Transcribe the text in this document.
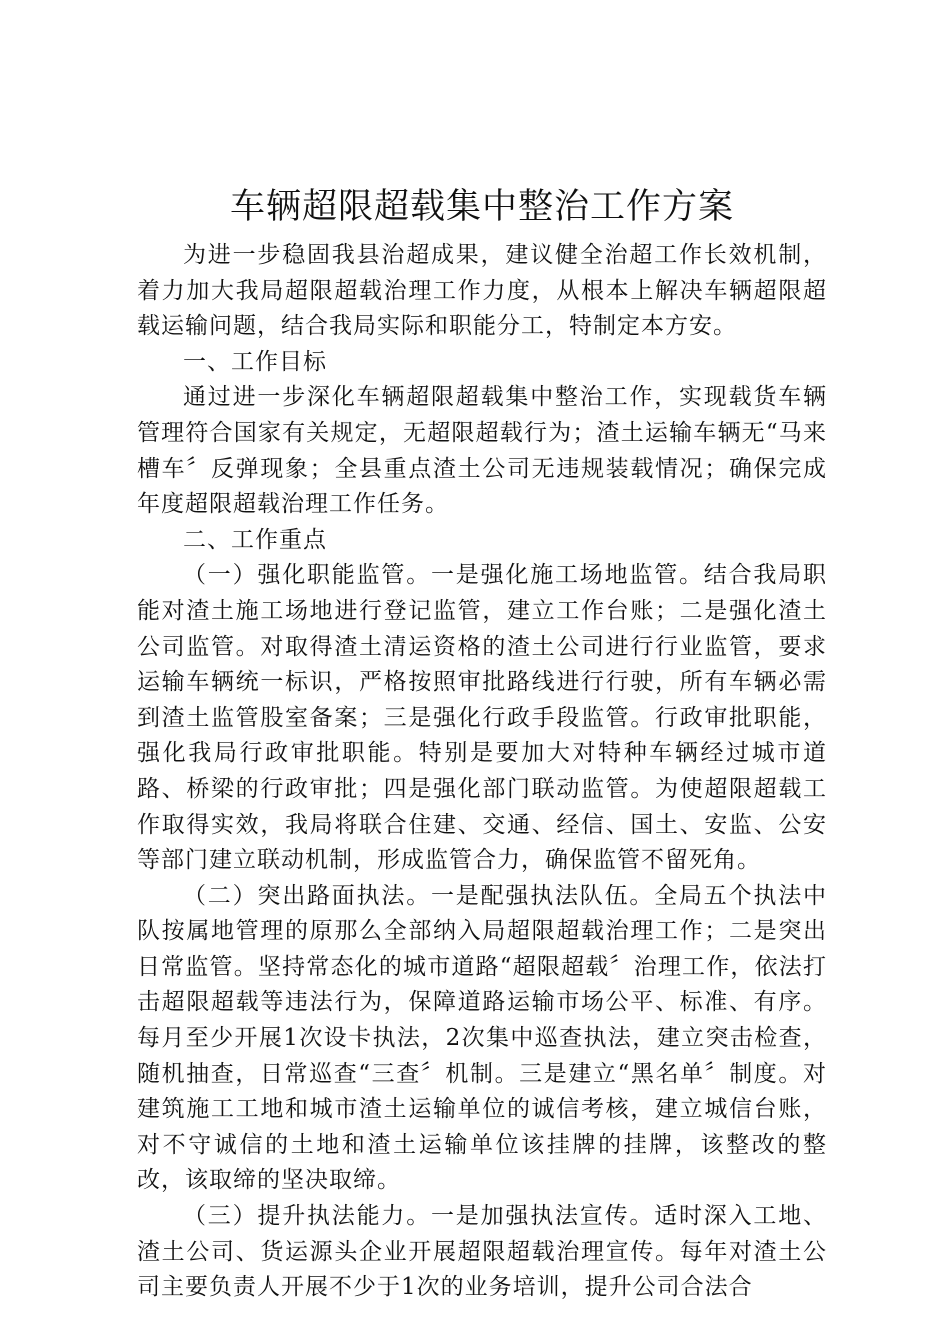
车辆超限超载集中整治工作方案

为进一步稳固我县治超成果，建议健全治超工作长效机制，着力加大我局超限超载治理工作力度，从根本上解决车辆超限超载运输问题，结合我局实际和职能分工，特制定本方安。

一、工作目标

通过进一步深化车辆超限超载集中整治工作，实现载货车辆管理符合国家有关规定，无超限超载行为；渣土运输车辆无“马来槽车〞反弹现象；全县重点渣土公司无违规装载情况；确保完成年度超限超载治理工作任务。

二、工作重点

（一）强化职能监管。一是强化施工场地监管。结合我局职能对渣土施工场地进行登记监管，建立工作台账；二是强化渣土公司监管。对取得渣土清运资格的渣土公司进行行业监管，要求运输车辆统一标识，严格按照审批路线进行行驶，所有车辆必需到渣土监管股室备案；三是强化行政手段监管。行政审批职能，强化我局行政审批职能。特别是要加大对特种车辆经过城市道路、桥梁的行政审批；四是强化部门联动监管。为使超限超载工作取得实效，我局将联合住建、交通、经信、国土、安监、公安等部门建立联动机制，形成监管合力，确保监管不留死角。

（二）突出路面执法。一是配强执法队伍。全局五个执法中队按属地管理的原那么全部纳入局超限超载治理工作；二是突出日常监管。坚持常态化的城市道路“超限超载〞治理工作，依法打击超限超载等违法行为，保障道路运输市场公平、标准、有序。每月至少开展1次设卡执法，2次集中巡查执法，建立突击检查，随机抽查，日常巡查“三查〞机制。三是建立“黑名单〞制度。对建筑施工工地和城市渣土运输单位的诚信考核，建立城信台账，对不守诚信的土地和渣土运输单位该挂牌的挂牌，该整改的整改，该取缔的坚决取缔。

（三）提升执法能力。一是加强执法宣传。适时深入工地、渣土公司、货运源头企业开展超限超载治理宣传。每年对渣土公司主要负责人开展不少于1次的业务培训，提升公司合法合
